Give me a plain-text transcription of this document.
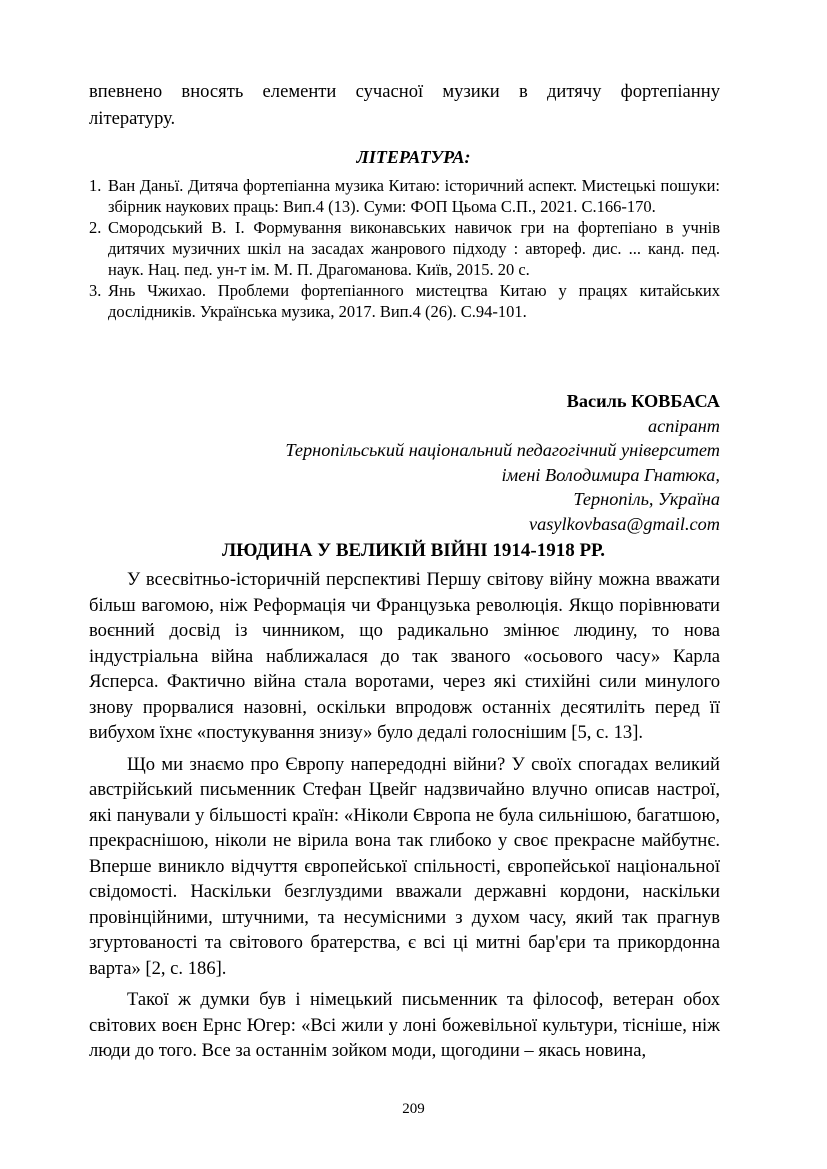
впевнено вносять елементи сучасної музики в дитячу фортепіанну
літературу.
ЛІТЕРАТУРА:
1. Ван Даньї. Дитяча фортепіанна музика Китаю: історичний аспект. Мистецькі пошуки: збірник наукових праць: Вип.4 (13). Суми: ФОП Цьома С.П., 2021. С.166-170.
2. Смородський В. І. Формування виконавських навичок гри на фортепіано в учнів дитячих музичних шкіл на засадах жанрового підходу : автореф. дис. ... канд. пед. наук. Нац. пед. ун-т ім. М. П. Драгоманова. Київ, 2015. 20 с.
3. Янь Чжихао. Проблеми фортепіанного мистецтва Китаю у працях китайських дослідників. Українська музика, 2017. Вип.4 (26). С.94-101.
Василь КОВБАСА
аспірант
Тернопільський національний педагогічний університет
імені Володимира Гнатюка,
Тернопіль, Україна
vasylkovbasa@gmail.com
ЛЮДИНА У ВЕЛИКІЙ ВІЙНІ 1914-1918 РР.

У всесвітньо-історичній перспективі Першу світову війну можна вважати більш вагомою, ніж Реформація чи Французька революція. Якщо порівнювати воєнний досвід із чинником, що радикально змінює людину, то нова індустріальна війна наближалася до так званого «осьового часу» Карла Ясперса. Фактично війна стала воротами, через які стихійні сили минулого знову прорвалися назовні, оскільки впродовж останніх десятиліть перед її вибухом їхнє «постукування знизу» було дедалі голоснішим [5, с. 13].

Що ми знаємо про Європу напередодні війни? У своїх спогадах великий австрійський письменник Стефан Цвейг надзвичайно влучно описав настрої, які панували у більшості країн: «Ніколи Європа не була сильнішою, багатшою, прекраснішою, ніколи не вірила вона так глибоко у своє прекрасне майбутнє. Вперше виникло відчуття європейської спільності, європейської національної свідомості. Наскільки безглуздими вважали державні кордони, наскільки провінційними, штучними, та несумісними з духом часу, який так прагнув згуртованості та світового братерства, є всі ці митні бар'єри та прикордонна варта» [2, с. 186].

Такої ж думки був і німецький письменник та філософ, ветеран обох світових воєн Ернс Югер: «Всі жили у лоні божевільної культури, тісніше, ніж люди до того. Все за останнім зойком моди, щогодини – якась новина,

209
